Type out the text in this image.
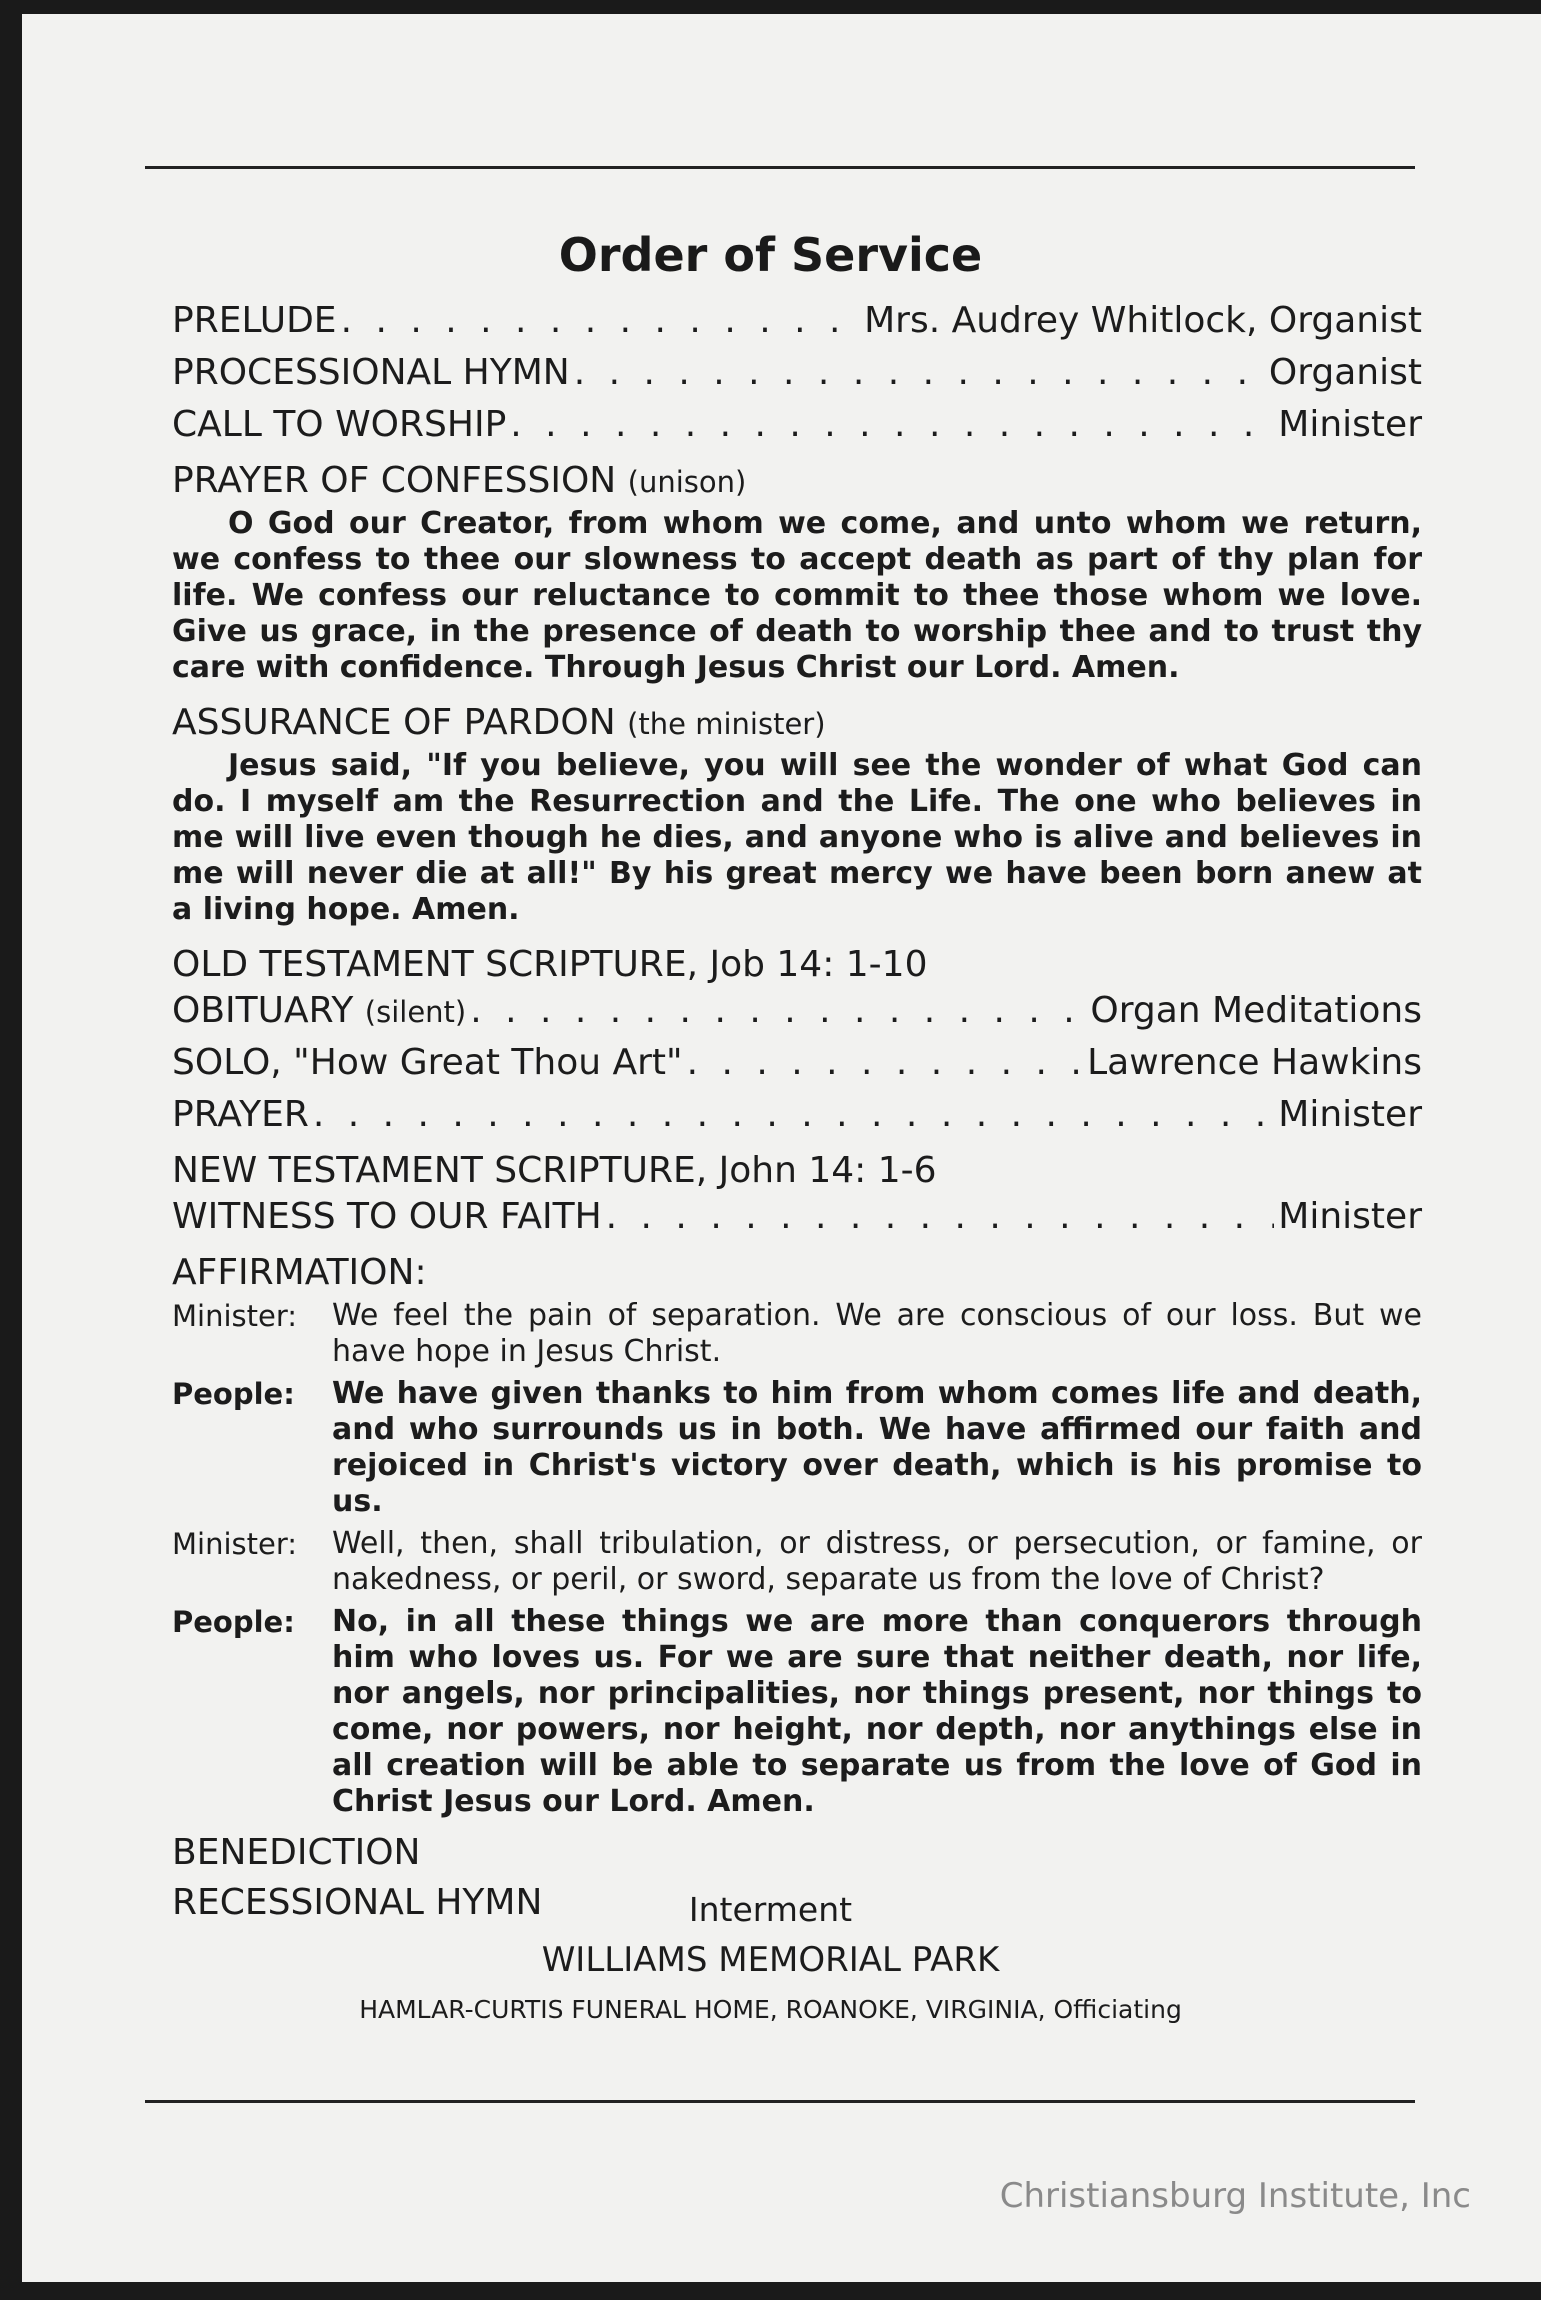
Order of Service
PRELUDE . . .	Mrs. Audrey Whitlock, Organist
PROCESSIONAL HYMN . . .	Organist
CALL TO WORSHIP . . .	Minister
PRAYER OF CONFESSION (unison)
O God our Creator, from whom we come, and unto whom we return, we confess to thee our slowness to accept death as part of thy plan for life. We confess our reluctance to commit to thee those whom we love. Give us grace, in the presence of death to worship thee and to trust thy care with confidence. Through Jesus Christ our Lord. Amen.
ASSURANCE OF PARDON (the minister)
Jesus said, "If you believe, you will see the wonder of what God can do. I myself am the Resurrection and the Life. The one who believes in me will live even though he dies, and anyone who is alive and believes in me will never die at all!" By his great mercy we have been born anew at a living hope. Amen.
OLD TESTAMENT SCRIPTURE, Job 14: 1-10
OBITUARY (silent) . . .	Organ Meditations
SOLO, "How Great Thou Art" . . .	Lawrence Hawkins
PRAYER . . .	Minister
NEW TESTAMENT SCRIPTURE, John 14: 1-6
WITNESS TO OUR FAITH . . .	Minister
AFFIRMATION:
Minister:	We feel the pain of separation. We are conscious of our loss. But we have hope in Jesus Christ.
People:	We have given thanks to him from whom comes life and death, and who surrounds us in both. We have affirmed our faith and rejoiced in Christ's victory over death, which is his promise to us.
Minister:	Well, then, shall tribulation, or distress, or persecution, or famine, or nakedness, or peril, or sword, separate us from the love of Christ?
People:	No, in all these things we are more than conquerors through him who loves us. For we are sure that neither death, nor life, nor angels, nor principalities, nor things present, nor things to come, nor powers, nor height, nor depth, nor anythings else in all creation will be able to separate us from the love of God in Christ Jesus our Lord. Amen.
BENEDICTION
RECESSIONAL HYMN	Interment
WILLIAMS MEMORIAL PARK
HAMLAR-CURTIS FUNERAL HOME, ROANOKE, VIRGINIA, Officiating
Christiansburg Institute, Inc
